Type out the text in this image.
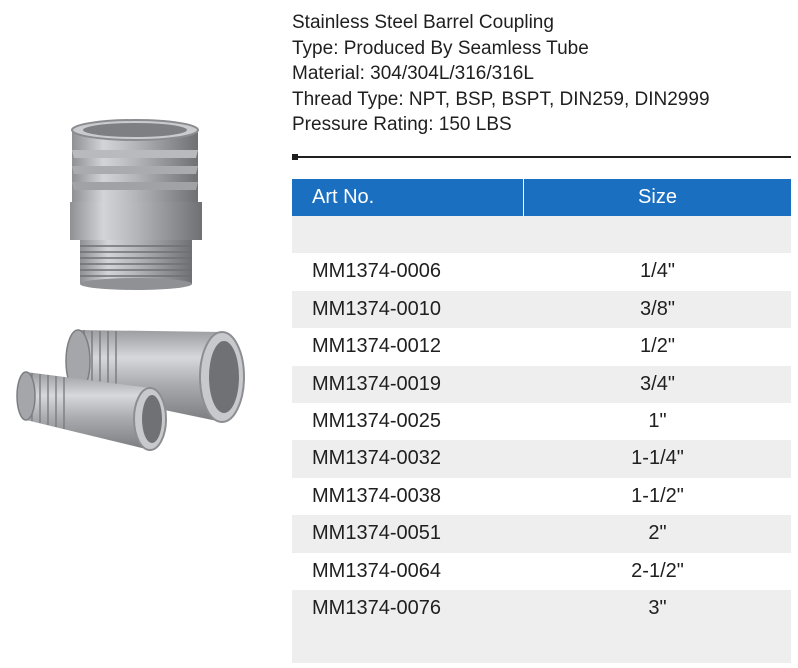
Stainless Steel Barrel Coupling
Type: Produced By Seamless Tube
Material: 304/304L/316/316L
Thread Type: NPT, BSP, BSPT, DIN259, DIN2999
Pressure Rating: 150 LBS
Art No.	Size
MM1374-0006	1/4"
MM1374-0010	3/8"
MM1374-0012	1/2"
MM1374-0019	3/4"
MM1374-0025	1"
MM1374-0032	1-1/4"
MM1374-0038	1-1/2"
MM1374-0051	2"
MM1374-0064	2-1/2"
MM1374-0076	3"
